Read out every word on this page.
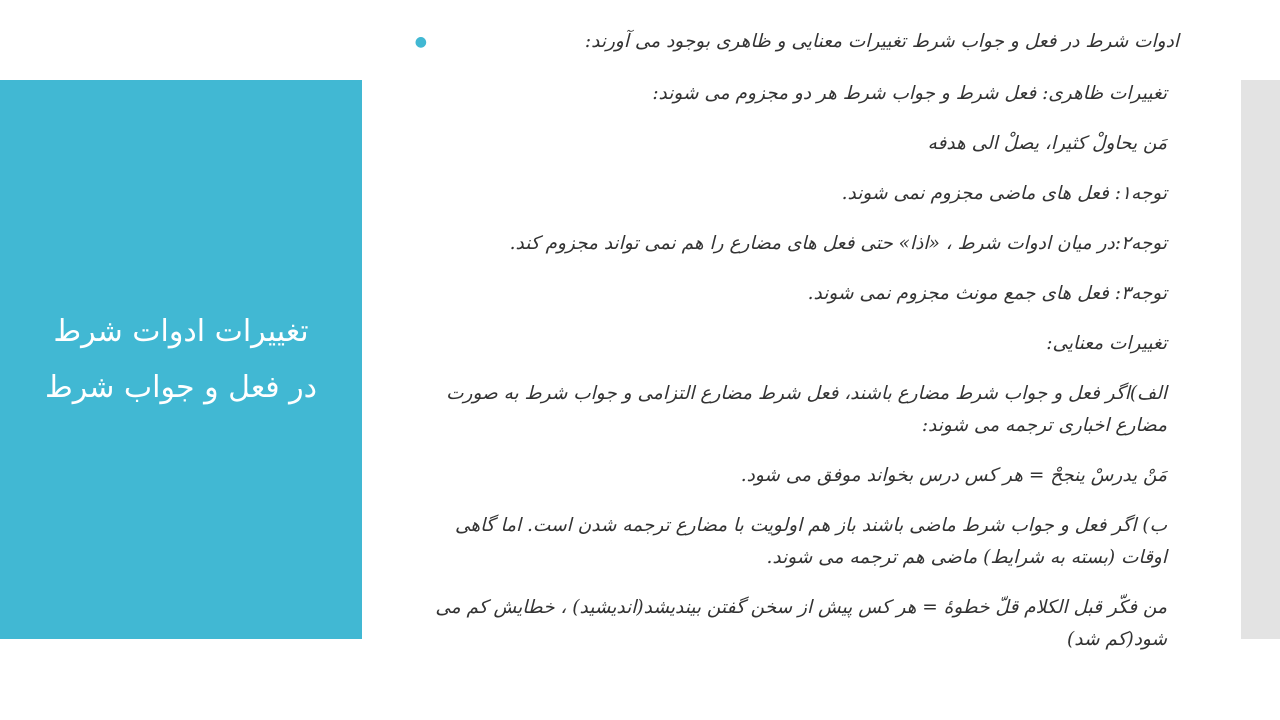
تغییرات ادوات شرط
در فعل و جواب شرط

ادوات شرط در فعل و جواب شرط تغییرات معنایی و ظاهری بوجود می آورند:

●

تغییرات ظاهری: فعل شرط و جواب شرط هر دو مجزوم می شوند:

مَن یحاولْ کثیرا، یصلْ الی هدفه

توجه۱: فعل های ماضی مجزوم نمی شوند.

توجه۲:در میان ادوات شرط ، «اذا» حتی فعل های مضارع را هم نمی تواند مجزوم کند.

توجه۳: فعل های جمع مونث مجزوم نمی شوند.

تغییرات معنایی:

الف)اگر فعل و جواب شرط مضارع باشند، فعل شرط مضارع التزامی و جواب شرط به صورت مضارع اخباری ترجمه می شوند:

مَنْ یدرسْ ینجحْ = هر کس درس بخواند موفق می شود.

ب) اگر فعل و جواب شرط ماضی باشند باز هم اولویت با مضارع ترجمه شدن است. اما گاهی اوقات (بسته به شرایط) ماضی هم ترجمه می شوند.

من فکّر قبل الکلام قلّ خطوهٔ = هر کس پیش از سخن گفتن بیندیشد(اندیشید) ، خطایش کم می شود(کم شد)
